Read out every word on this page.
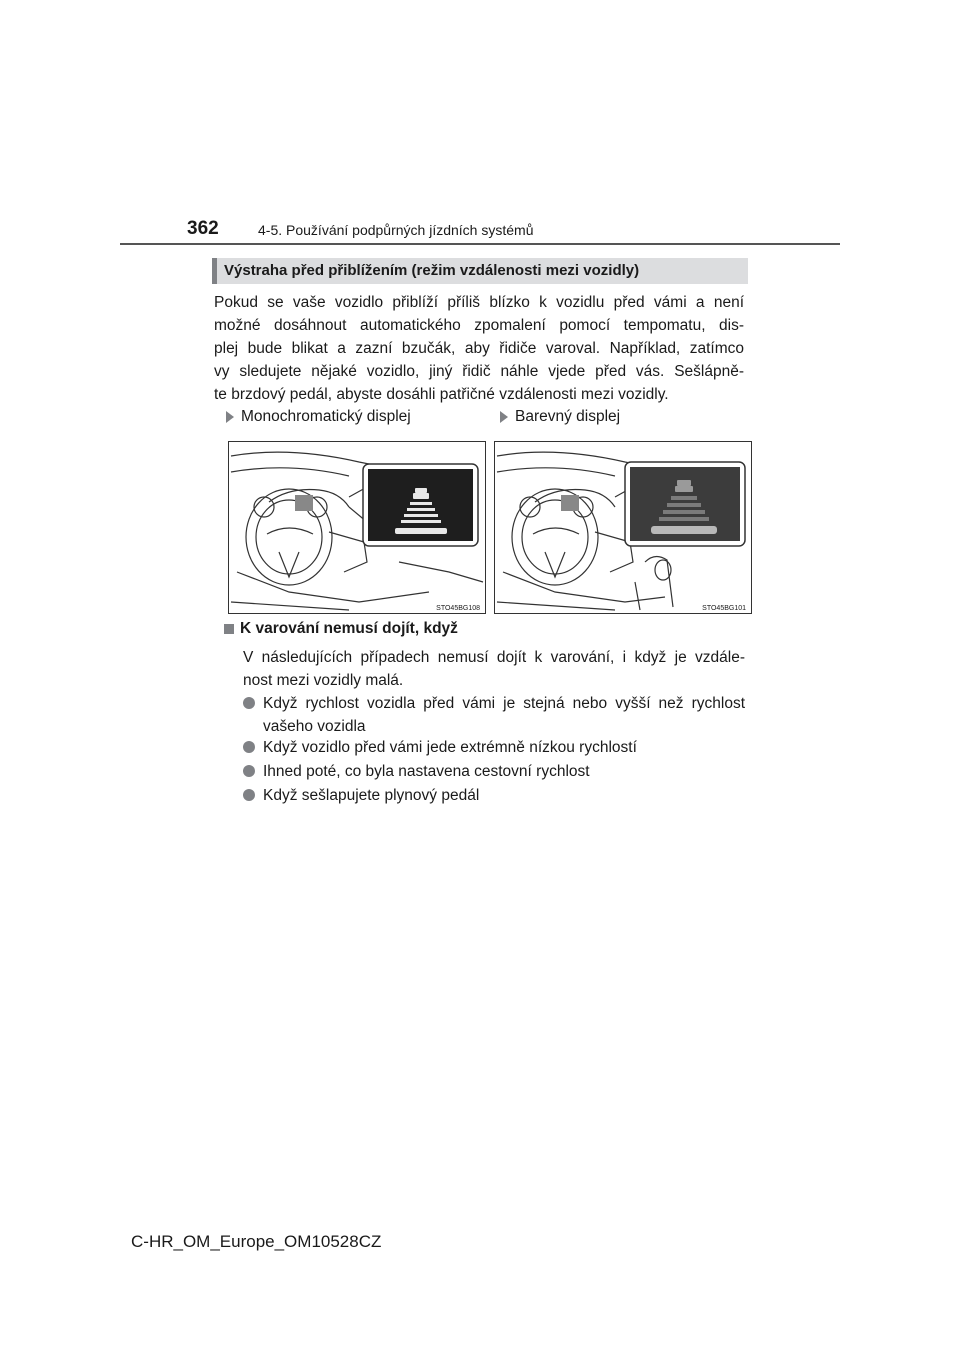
362	4-5. Používání podpůrných jízdních systémů
Výstraha před přiblížením (režim vzdálenosti mezi vozidly)
Pokud se vaše vozidlo přiblíží příliš blízko k vozidlu před vámi a není
možné dosáhnout automatického zpomalení pomocí tempomatu, dis-
plej bude blikat a zazní bzučák, aby řidiče varoval. Například, zatímco
vy sledujete nějaké vozidlo, jiný řidič náhle vjede před vás. Sešlápně-
te brzdový pedál, abyste dosáhli patřičné vzdálenosti mezi vozidly.
Monochromatický displej	Barevný displej
STO45BG108	STO45BG101
K varování nemusí dojít, když
V následujících případech nemusí dojít k varování, i když je vzdále-
nost mezi vozidly malá.
Když rychlost vozidla před vámi je stejná nebo vyšší než rychlost
vašeho vozidla
Když vozidlo před vámi jede extrémně nízkou rychlostí
Ihned poté, co byla nastavena cestovní rychlost
Když sešlapujete plynový pedál
C-HR_OM_Europe_OM10528CZ
